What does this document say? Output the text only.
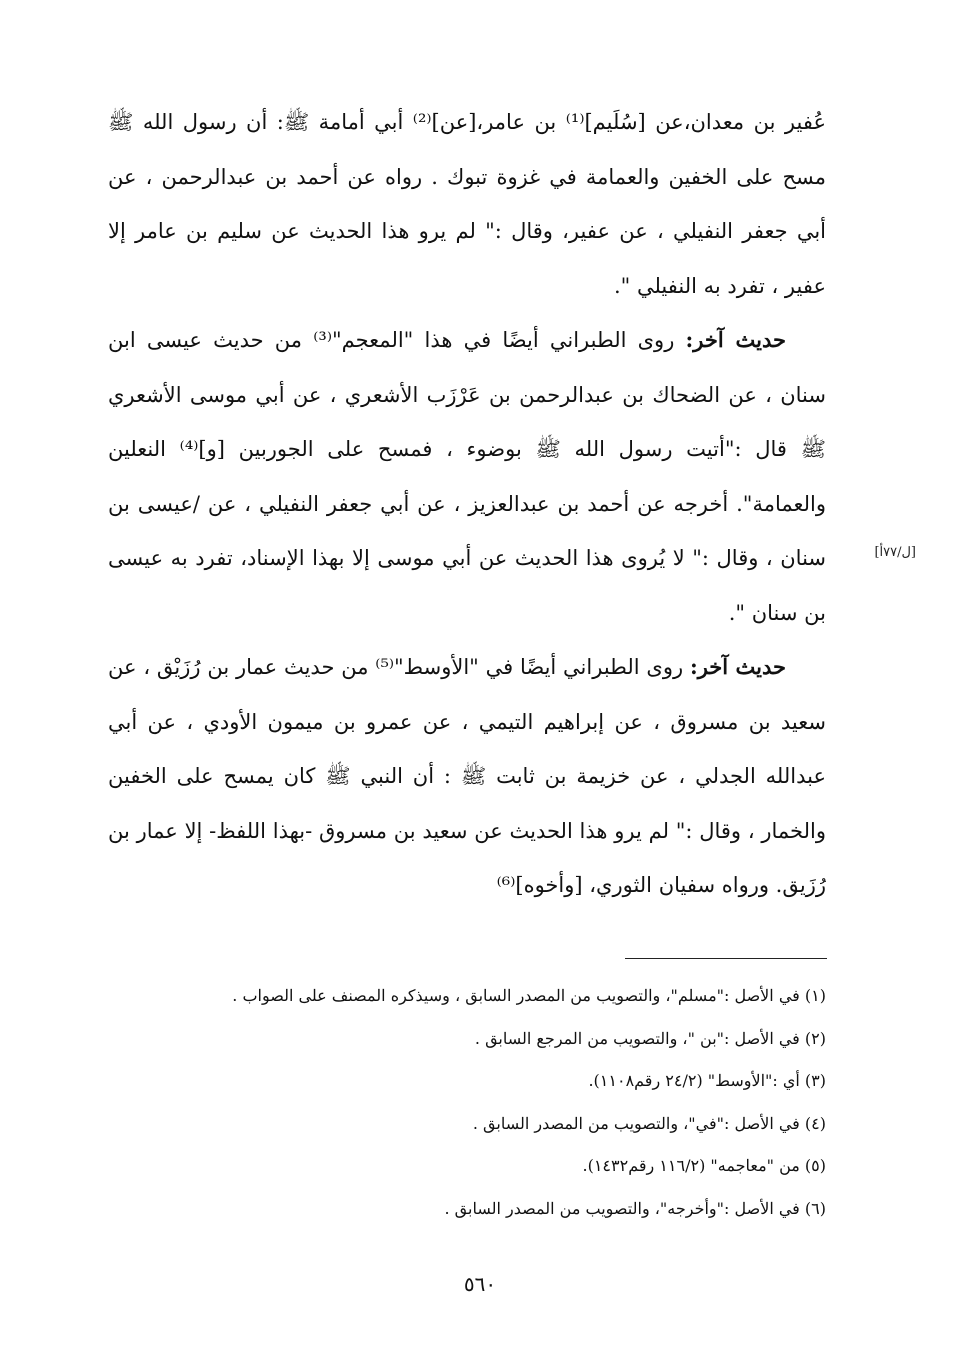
عُفير بن معدان،عن [سُلَيم]⁽¹⁾ بن عامر،[عن]⁽²⁾ أبي أمامة ﷺ: أن رسول الله ﷺ مسح على الخفين والعمامة في غزوة تبوك . رواه عن أحمد بن عبدالرحمن ، عن أبي جعفر النفيلي ، عن عفير، وقال :" لم يرو هذا الحديث عن سليم بن عامر إلا عفير ، تفرد به النفيلي ".

حديث آخر: روى الطبراني أيضًا في هذا "المعجم"⁽³⁾ من حديث عيسى ابن سنان ، عن الضحاك بن عبدالرحمن بن عَرْزَب الأشعري ، عن أبي موسى الأشعري ﷺ قال :"أتيت رسول الله ﷺ بوضوء ، فمسح على الجوربين [و]⁽⁴⁾ النعلين والعمامة". أخرجه عن أحمد بن عبدالعزيز ، عن أبي جعفر النفيلي ، عن /عيسى بن سنان ، وقال :" لا يُروى هذا الحديث عن أبي موسى إلا بهذا الإسناد، تفرد به عيسى بن سنان ".

حديث آخر: روى الطبراني أيضًا في "الأوسط"⁽⁵⁾ من حديث عمار بن رُزَيْق ، عن سعيد بن مسروق ، عن إبراهيم التيمي ، عن عمرو بن ميمون الأودي ، عن أبي عبدالله الجدلي ، عن خزيمة بن ثابت ﷺ : أن النبي ﷺ كان يمسح على الخفين والخمار ، وقال :" لم يرو هذا الحديث عن سعيد بن مسروق -بهذا اللفظ- إلا عمار بن رُزَيق. ورواه سفيان الثوري، [وأخوه]⁽⁶⁾

[ل/٧٧أ]
(١) في الأصل :"مسلم"، والتصويب من المصدر السابق ، وسيذكره المصنف على الصواب .
(٢) في الأصل :"بن "، والتصويب من المرجع السابق .
(٣) أي :"الأوسط" (٢٤/٢ رقم١١٠٨).
(٤) في الأصل :"في"، والتصويب من المصدر السابق .
(٥) من "معاجمه" (١١٦/٢ رقم١٤٣٢).
(٦) في الأصل :"وأخرجه"، والتصويب من المصدر السابق .
٥٦٠
